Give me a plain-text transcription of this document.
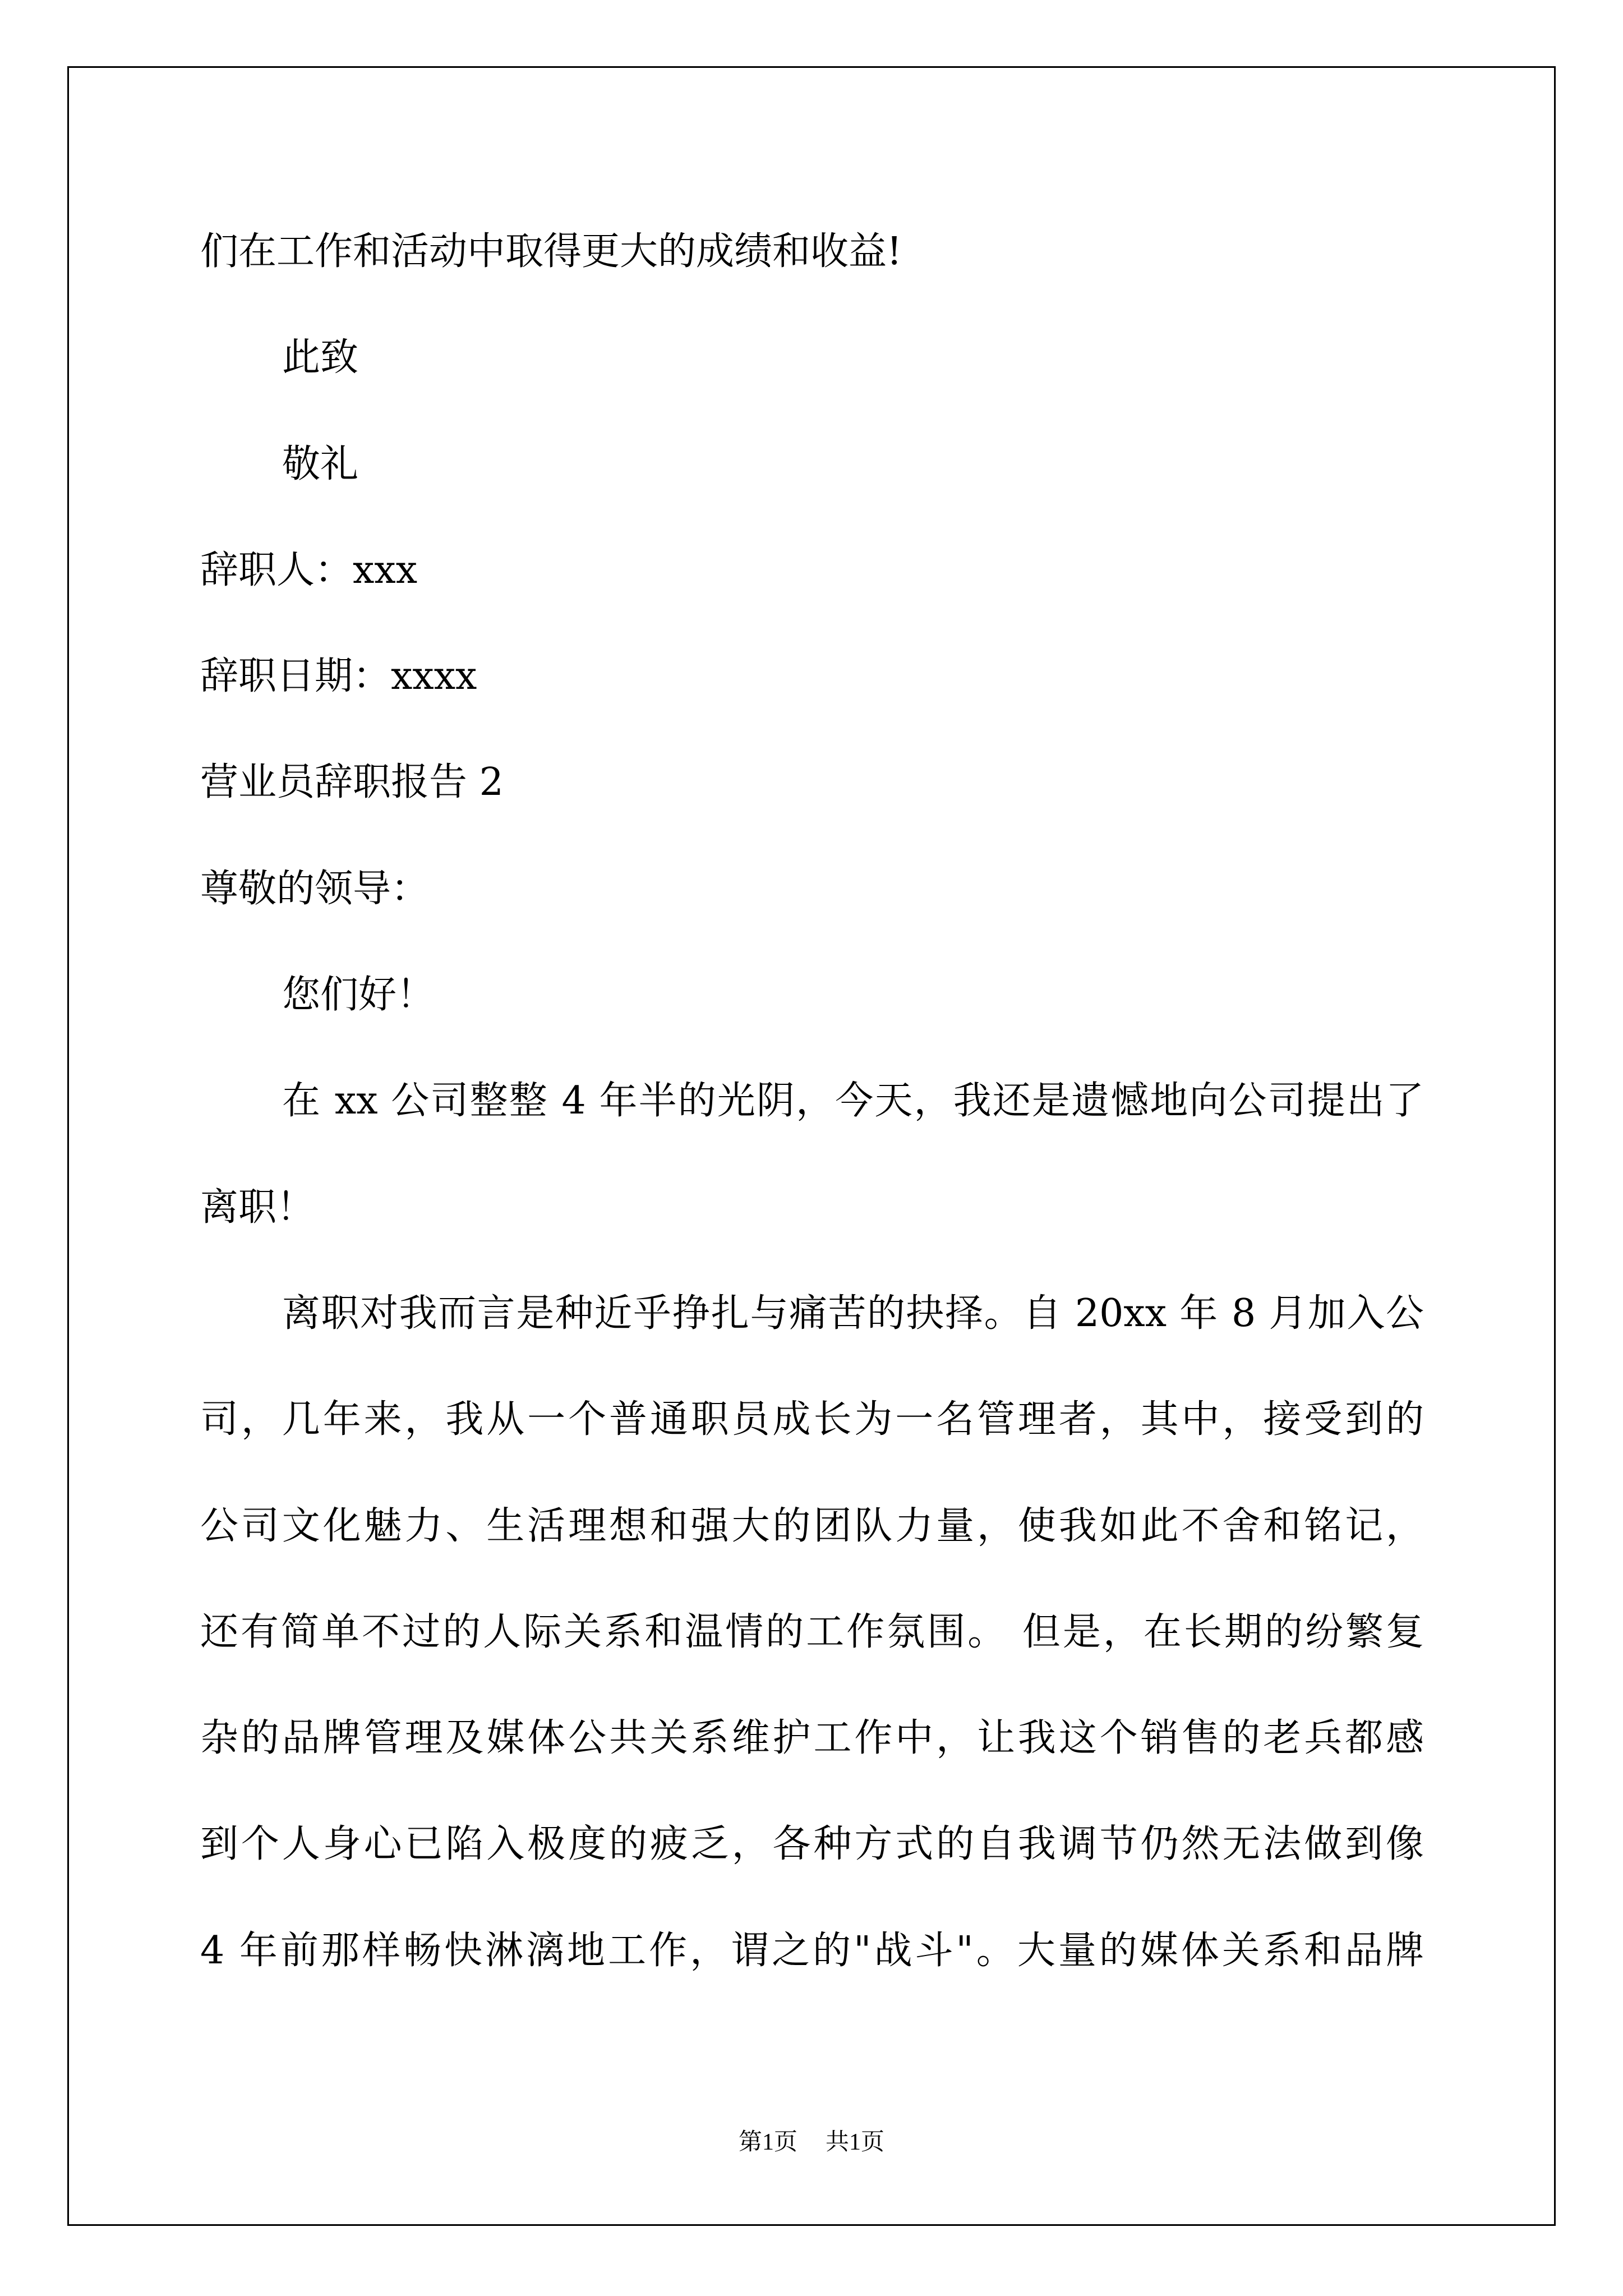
们在工作和活动中取得更大的成绩和收益!
此致
敬礼
辞职人：xxx
辞职日期：xxxx
营业员辞职报告 2
尊敬的领导：
您们好！
在 xx 公司整整 4 年半的光阴，今天，我还是遗憾地向公司提出了
离职！
离职对我而言是种近乎挣扎与痛苦的抉择。自 20xx 年 8 月加入公
司，几年来，我从一个普通职员成长为一名管理者，其中，接受到的
公司文化魅力、生活理想和强大的团队力量，使我如此不舍和铭记，
还有简单不过的人际关系和温情的工作氛围。 但是，在长期的纷繁复
杂的品牌管理及媒体公共关系维护工作中，让我这个销售的老兵都感
到个人身心已陷入极度的疲乏，各种方式的自我调节仍然无法做到像
4 年前那样畅快淋漓地工作，谓之的"战斗"。大量的媒体关系和品牌
第1页 共1页
